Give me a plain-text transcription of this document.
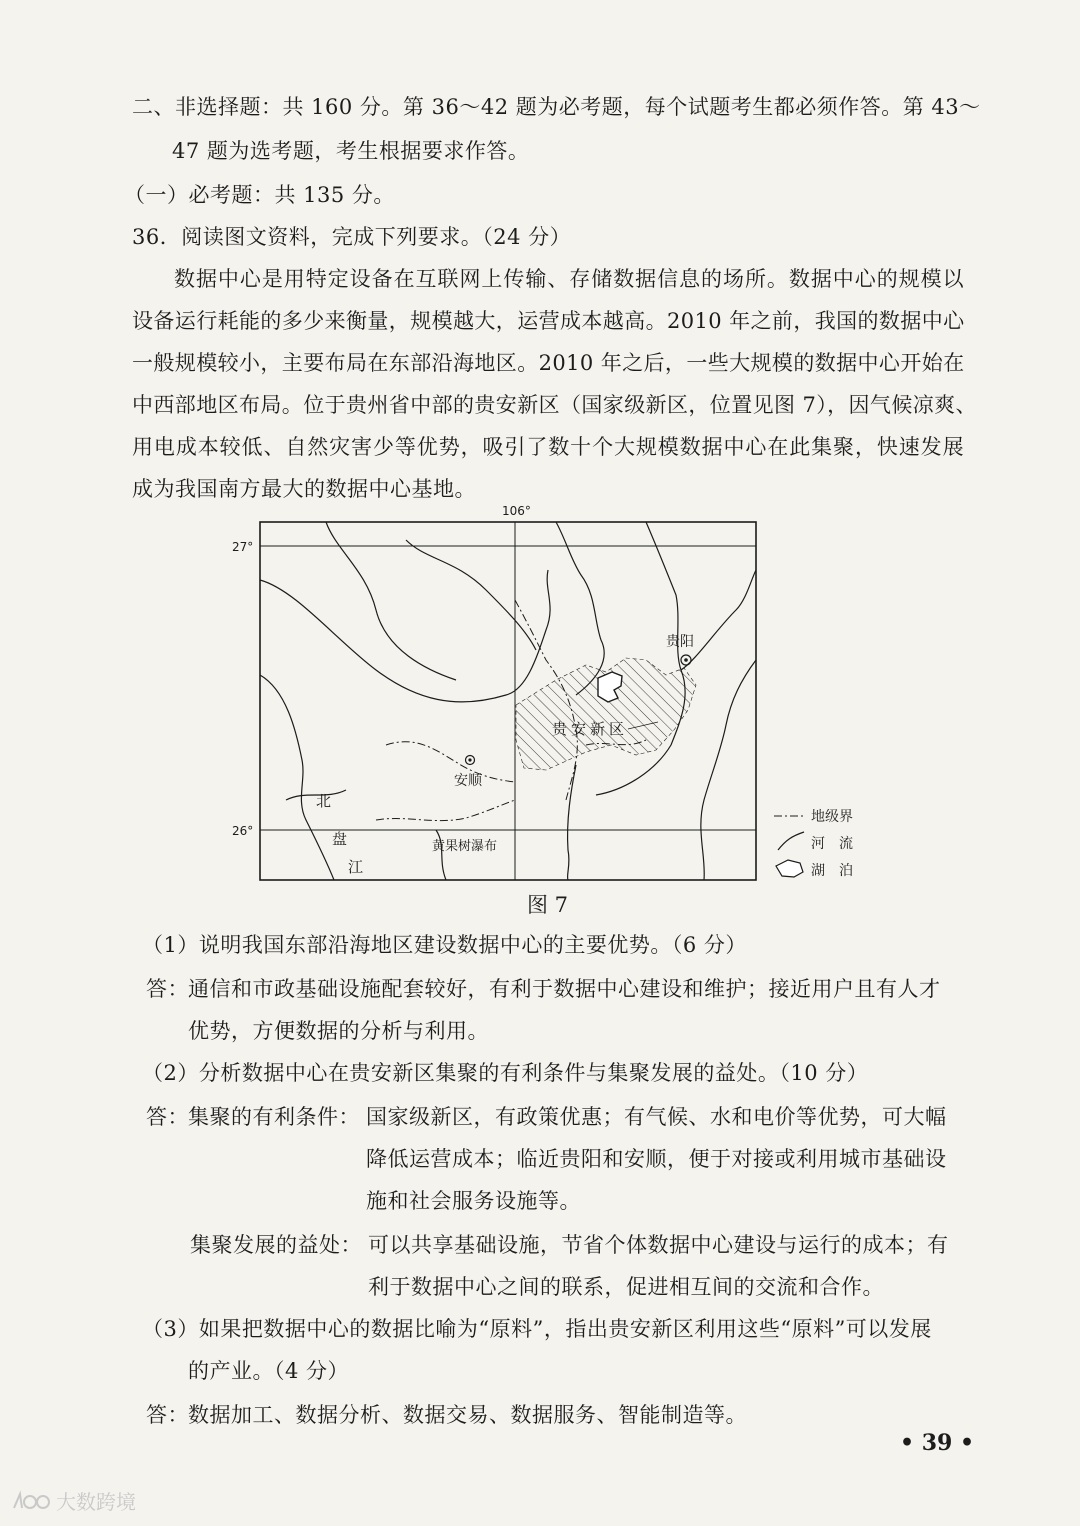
二、非选择题：共 160 分。第 36～42 题为必考题，每个试题考生都必须作答。第 43～
47 题为选考题，考生根据要求作答。
（一）必考题：共 135 分。
36．阅读图文资料，完成下列要求。（24 分）
数据中心是用特定设备在互联网上传输、存储数据信息的场所。数据中心的规模以
设备运行耗能的多少来衡量，规模越大，运营成本越高。2010 年之前，我国的数据中心
一般规模较小，主要布局在东部沿海地区。2010 年之后，一些大规模的数据中心开始在
中西部地区布局。位于贵州省中部的贵安新区（国家级新区，位置见图 7），因气候凉爽、
用电成本较低、自然灾害少等优势，吸引了数十个大规模数据中心在此集聚，快速发展
成为我国南方最大的数据中心基地。
106°
27°
26°
贵阳
安顺
贵安新区
北
盘
江
黄果树瀑布
地级界
河　流
湖　泊
图 7
（1）说明我国东部沿海地区建设数据中心的主要优势。（6 分）
答： 通信和市政基础设施配套较好，有利于数据中心建设和维护；接近用户且有人才
优势，方便数据的分析与利用。
（2）分析数据中心在贵安新区集聚的有利条件与集聚发展的益处。（10 分）
答： 集聚的有利条件： 国家级新区，有政策优惠；有气候、水和电价等优势，可大幅
降低运营成本；临近贵阳和安顺，便于对接或利用城市基础设
施和社会服务设施等。
集聚发展的益处： 可以共享基础设施，节省个体数据中心建设与运行的成本；有
利于数据中心之间的联系，促进相互间的交流和合作。
（3）如果把数据中心的数据比喻为“原料”，指出贵安新区利用这些“原料”可以发展
的产业。（4 分）
答： 数据加工、数据分析、数据交易、数据服务、智能制造等。
• 39 •
大数跨境
